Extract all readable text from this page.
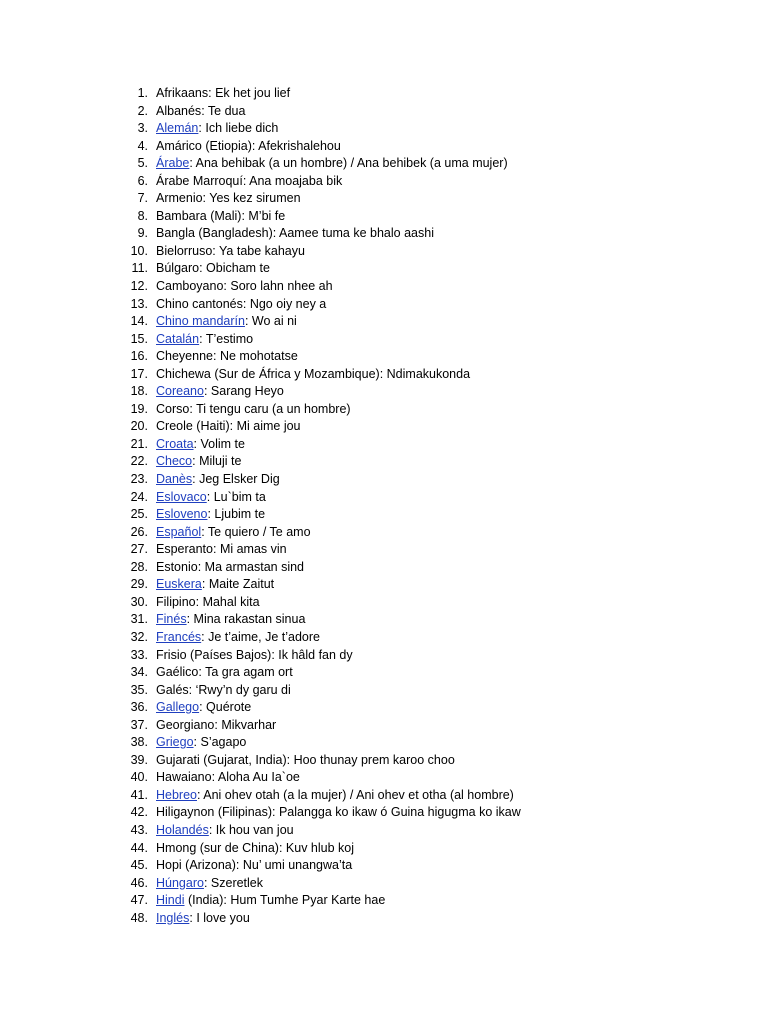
1. Afrikaans: Ek het jou lief
2. Albanés: Te dua
3. Alemán: Ich liebe dich
4. Amárico (Etiopia): Afekrishalehou
5. Árabe: Ana behibak (a un hombre) / Ana behibek (a uma mujer)
6. Árabe Marroquí: Ana moajaba bik
7. Armenio: Yes kez sirumen
8. Bambara (Mali): M’bi fe
9. Bangla (Bangladesh): Aamee tuma ke bhalo aashi
10. Bielorruso: Ya tabe kahayu
11. Búlgaro: Obicham te
12. Camboyano: Soro lahn nhee ah
13. Chino cantonés: Ngo oiy ney a
14. Chino mandarín: Wo ai ni
15. Catalán: T’estimo
16. Cheyenne: Ne mohotatse
17. Chichewa (Sur de África y Mozambique): Ndimakukonda
18. Coreano: Sarang Heyo
19. Corso: Ti tengu caru (a un hombre)
20. Creole (Haiti): Mi aime jou
21. Croata: Volim te
22. Checo: Miluji te
23. Danès: Jeg Elsker Dig
24. Eslovaco: Lu`bim ta
25. Esloveno: Ljubim te
26. Español: Te quiero / Te amo
27. Esperanto: Mi amas vin
28. Estonio: Ma armastan sind
29. Euskera: Maite Zaitut
30. Filipino: Mahal kita
31. Finés: Mina rakastan sinua
32. Francés: Je t’aime, Je t’adore
33. Frisio (Países Bajos): Ik hâld fan dy
34. Gaélico: Ta gra agam ort
35. Galés: ‘Rwy’n dy garu di
36. Gallego: Quérote
37. Georgiano: Mikvarhar
38. Griego: S’agapo
39. Gujarati (Gujarat, India): Hoo thunay prem karoo choo
40. Hawaiano: Aloha Au Ia`oe
41. Hebreo: Ani ohev otah (a la mujer) / Ani ohev et otha (al hombre)
42. Hiligaynon (Filipinas): Palangga ko ikaw ó Guina higugma ko ikaw
43. Holandés: Ik hou van jou
44. Hmong (sur de China): Kuv hlub koj
45. Hopi (Arizona): Nu’ umi unangwa’ta
46. Húngaro: Szeretlek
47. Hindi (India): Hum Tumhe Pyar Karte hae
48. Inglés: I love you
